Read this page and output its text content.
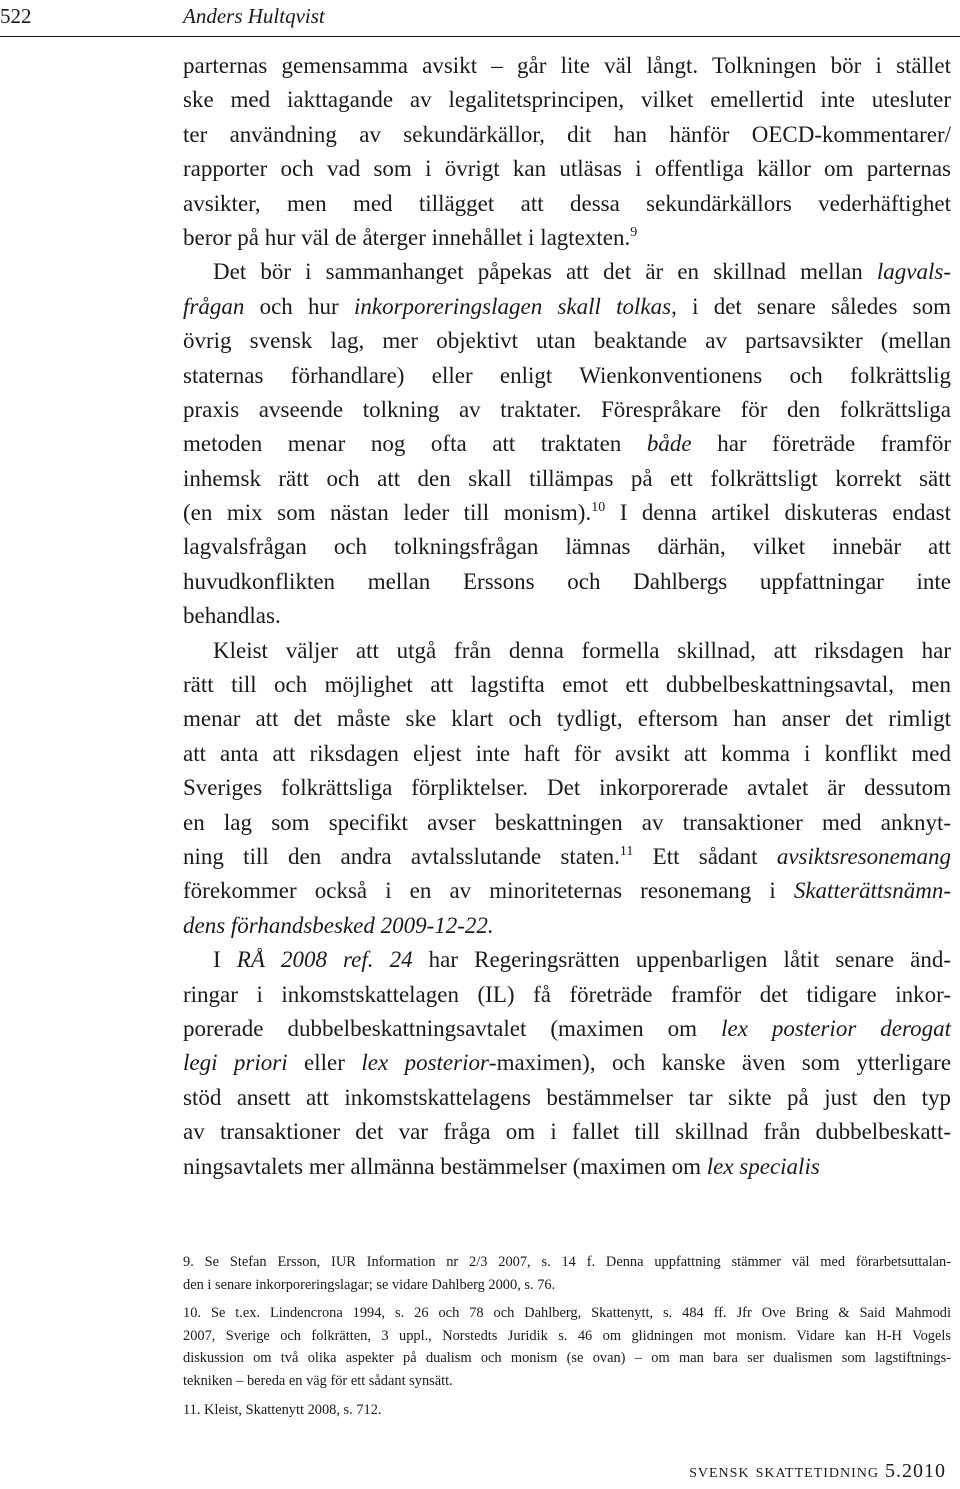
522	Anders Hultqvist
parternas gemensamma avsikt – går lite väl långt. Tolkningen bör i stället
ske med iakttagande av legalitetsprincipen, vilket emellertid inte utesluter
ter användning av sekundärkällor, dit han hänför OECD-kommentarer/
rapporter och vad som i övrigt kan utläsas i offentliga källor om parternas
avsikter, men med tillägget att dessa sekundärkällors vederhäftighet
beror på hur väl de återger innehållet i lagtexten.$^9$
Det bör i sammanhanget påpekas att det är en skillnad mellan lagvals-
frågan och hur inkorporeringslagen skall tolkas, i det senare således som
övrig svensk lag, mer objektivt utan beaktande av partsavsikter (mellan
staternas förhandlare) eller enligt Wienkonventionens och folkrättslig
praxis avseende tolkning av traktater. Förespråkare för den folkrättsliga
metoden menar nog ofta att traktaten både har företräde framför
inhemsk rätt och att den skall tillämpas på ett folkrättsligt korrekt sätt
(en mix som nästan leder till monism).$^{10}$ I denna artikel diskuteras endast
lagvalsfrågan och tolkningsfrågan lämnas därhän, vilket innebär att
huvudkonflikten mellan Erssons och Dahlbergs uppfattningar inte
behandlas.
Kleist väljer att utgå från denna formella skillnad, att riksdagen har
rätt till och möjlighet att lagstifta emot ett dubbelbeskattningsavtal, men
menar att det måste ske klart och tydligt, eftersom han anser det rimligt
att anta att riksdagen eljest inte haft för avsikt att komma i konflikt med
Sveriges folkrättsliga förpliktelser. Det inkorporerade avtalet är dessutom
en lag som specifikt avser beskattningen av transaktioner med anknyt-
ning till den andra avtalsslutande staten.$^{11}$ Ett sådant avsiktsresonemang
förekommer också i en av minoriteternas resonemang i Skatterättsnämn-
dens förhandsbesked 2009-12-22.
I RÅ 2008 ref. 24 har Regeringsrätten uppenbarligen låtit senare änd-
ringar i inkomstskattelagen (IL) få företräde framför det tidigare inkor-
porerade dubbelbeskattningsavtalet (maximen om lex posterior derogat
legi priori eller lex posterior-maximen), och kanske även som ytterligare
stöd ansett att inkomstskattelagens bestämmelser tar sikte på just den typ
av transaktioner det var fråga om i fallet till skillnad från dubbelbeskatt-
ningsavtalets mer allmänna bestämmelser (maximen om lex specialis
9. Se Stefan Ersson, IUR Information nr 2/3 2007, s. 14 f. Denna uppfattning stämmer väl med förarbetsuttalan-
den i senare inkorporeringslagar; se vidare Dahlberg 2000, s. 76.
10. Se t.ex. Lindencrona 1994, s. 26 och 78 och Dahlberg, Skattenytt, s. 484 ff. Jfr Ove Bring & Said Mahmodi
2007, Sverige och folkrätten, 3 uppl., Norstedts Juridik s. 46 om glidningen mot monism. Vidare kan H-H Vogels
diskussion om två olika aspekter på dualism och monism (se ovan) – om man bara ser dualismen som lagstiftnings-
tekniken – bereda en väg för ett sådant synsätt.
11. Kleist, Skattenytt 2008, s. 712.
svensk skattetidning 5.2010
